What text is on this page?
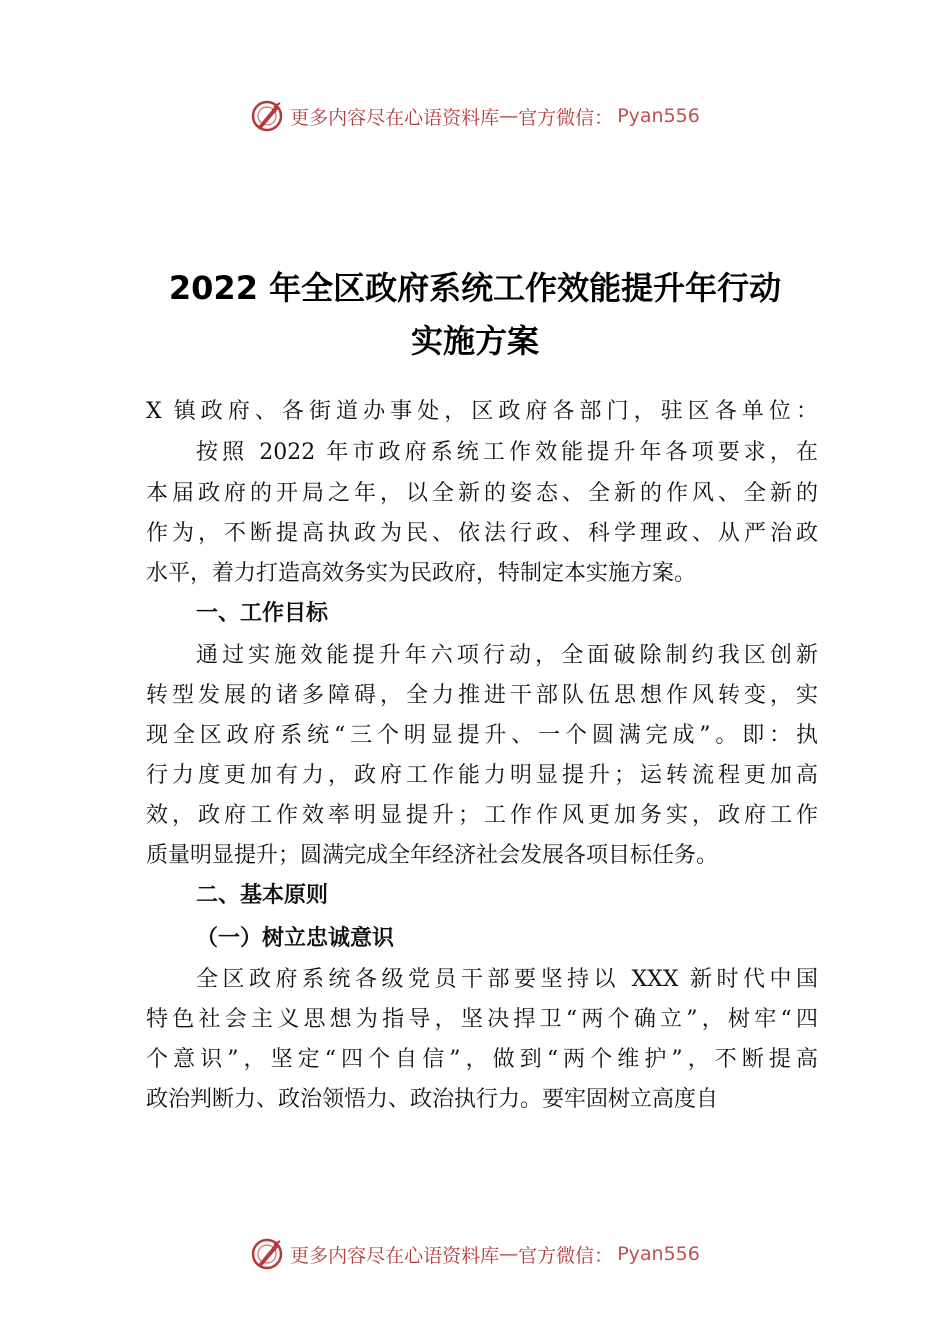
更多内容尽在心语资料库 — 官方微信： Pyan556
2022 年全区政府系统工作效能提升年行动
实施方案
X 镇政府、各街道办事处，区政府各部门，驻区各单位：
按照 2022 年市政府系统工作效能提升年各项要求，在
本届政府的开局之年，以全新的姿态、全新的作风、全新的
作为，不断提高执政为民、依法行政、科学理政、从严治政
水平，着力打造高效务实为民政府，特制定本实施方案。
一、工作目标
通过实施效能提升年六项行动，全面破除制约我区创新
转型发展的诸多障碍，全力推进干部队伍思想作风转变，实
现全区政府系统“三个明显提升、一个圆满完成”。即：执
行力度更加有力，政府工作能力明显提升；运转流程更加高
效，政府工作效率明显提升；工作作风更加务实，政府工作
质量明显提升；圆满完成全年经济社会发展各项目标任务。
二、基本原则
（一）树立忠诚意识
全区政府系统各级党员干部要坚持以 XXX 新时代中国
特色社会主义思想为指导，坚决捍卫“两个确立”，树牢“四
个意识”，坚定“四个自信”，做到“两个维护”，不断提高
政治判断力、政治领悟力、政治执行力。要牢固树立高度自
更多内容尽在心语资料库 — 官方微信： Pyan556
